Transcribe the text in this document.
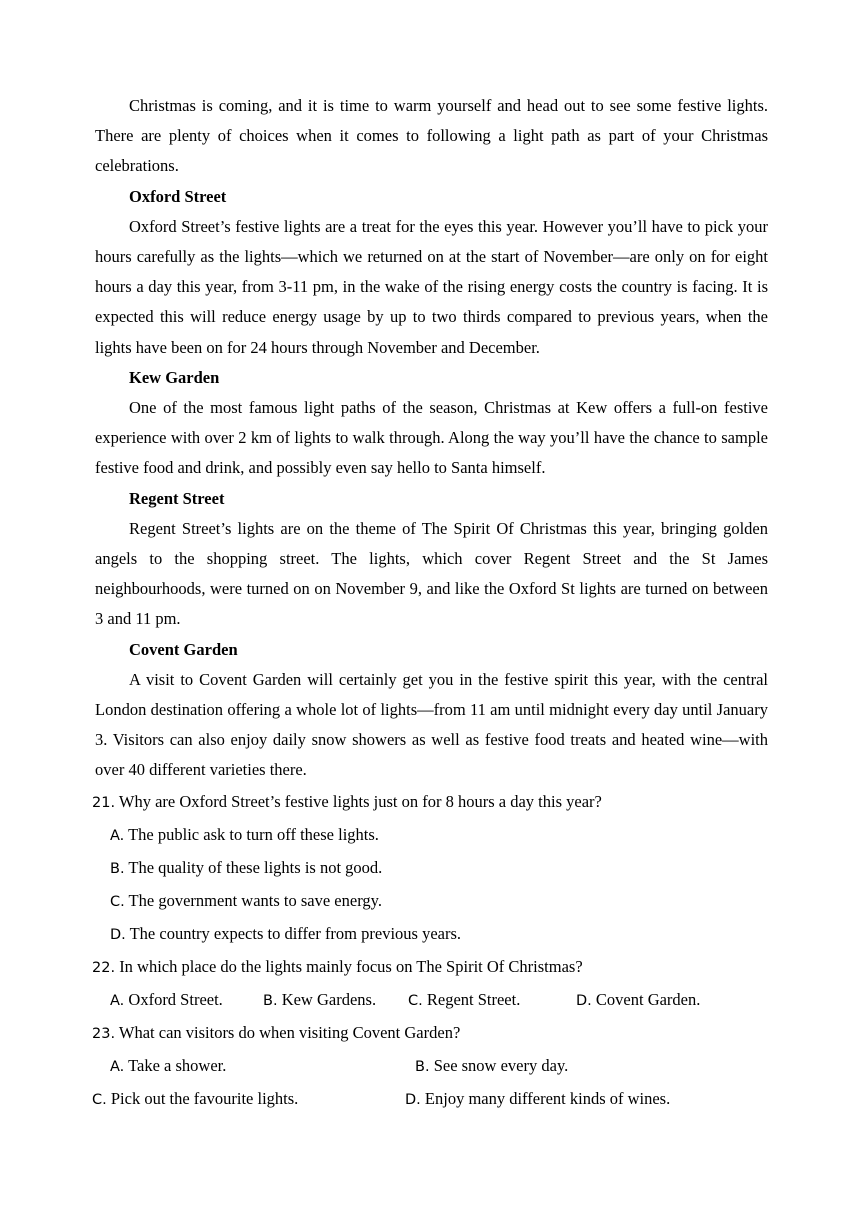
Christmas is coming, and it is time to warm yourself and head out to see some festive lights. There are plenty of choices when it comes to following a light path as part of your Christmas celebrations.

Oxford Street

Oxford Street’s festive lights are a treat for the eyes this year. However you’ll have to pick your hours carefully as the lights—which we returned on at the start of November—are only on for eight hours a day this year, from 3-11 pm, in the wake of the rising energy costs the country is facing. It is expected this will reduce energy usage by up to two thirds compared to previous years, when the lights have been on for 24 hours through November and December.

Kew Garden

One of the most famous light paths of the season, Christmas at Kew offers a full-on festive experience with over 2 km of lights to walk through. Along the way you’ll have the chance to sample festive food and drink, and possibly even say hello to Santa himself.

Regent Street

Regent Street’s lights are on the theme of The Spirit Of Christmas this year, bringing golden angels to the shopping street. The lights, which cover Regent Street and the St James neighbourhoods, were turned on on November 9, and like the Oxford St lights are turned on between 3 and 11 pm.

Covent Garden

A visit to Covent Garden will certainly get you in the festive spirit this year, with the central London destination offering a whole lot of lights—from 11 am until midnight every day until January 3. Visitors can also enjoy daily snow showers as well as festive food treats and heated wine—with over 40 different varieties there.

21. Why are Oxford Street’s festive lights just on for 8 hours a day this year?

A. The public ask to turn off these lights.

B. The quality of these lights is not good.

C. The government wants to save energy.

D. The country expects to differ from previous years.

22. In which place do the lights mainly focus on The Spirit Of Christmas?

A. Oxford Street.	B. Kew Gardens.	C. Regent Street.	D. Covent Garden.

23. What can visitors do when visiting Covent Garden?

A. Take a shower.	B. See snow every day.
C. Pick out the favourite lights.	D. Enjoy many different kinds of wines.
